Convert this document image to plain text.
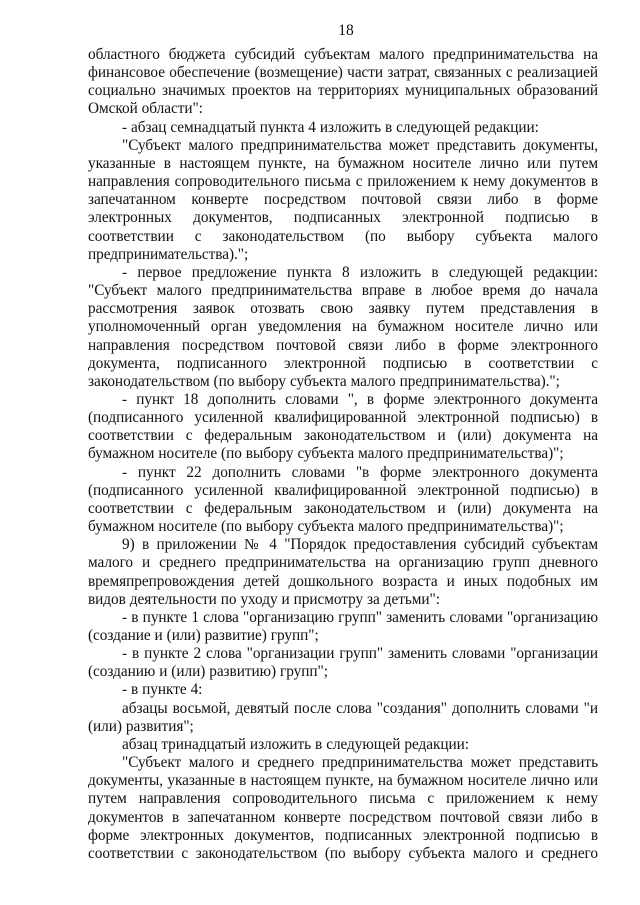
18

областного бюджета субсидий субъектам малого предпринимательства на финансовое обеспечение (возмещение) части затрат, связанных с реализацией социально значимых проектов на территориях муниципальных образований Омской области":

- абзац семнадцатый пункта 4 изложить в следующей редакции:

"Субъект малого предпринимательства может представить документы, указанные в настоящем пункте, на бумажном носителе лично или путем направления сопроводительного письма с приложением к нему документов в запечатанном конверте посредством почтовой связи либо в форме электронных документов, подписанных электронной подписью в соответствии с законодательством (по выбору субъекта малого предпринимательства).";

- первое предложение пункта 8 изложить в следующей редакции: "Субъект малого предпринимательства вправе в любое время до начала рассмотрения заявок отозвать свою заявку путем представления в уполномоченный орган уведомления на бумажном носителе лично или направления посредством почтовой связи либо в форме электронного документа, подписанного электронной подписью в соответствии с законодательством (по выбору субъекта малого предпринимательства).";

- пункт 18 дополнить словами ", в форме электронного документа (подписанного усиленной квалифицированной электронной подписью) в соответствии с федеральным законодательством и (или) документа на бумажном носителе (по выбору субъекта малого предпринимательства)";

- пункт 22 дополнить словами "в форме электронного документа (подписанного усиленной квалифицированной электронной подписью) в соответствии с федеральным законодательством и (или) документа на бумажном носителе (по выбору субъекта малого предпринимательства)";

9) в приложении № 4 "Порядок предоставления субсидий субъектам малого и среднего предпринимательства на организацию групп дневного времяпрепровождения детей дошкольного возраста и иных подобных им видов деятельности по уходу и присмотру за детьми":

- в пункте 1 слова "организацию групп" заменить словами "организацию (создание и (или) развитие) групп";

- в пункте 2 слова "организации групп" заменить словами "организации (созданию и (или) развитию) групп";

- в пункте 4:

абзацы восьмой, девятый после слова "создания" дополнить словами "и (или) развития";

абзац тринадцатый изложить в следующей редакции:

"Субъект малого и среднего предпринимательства может представить документы, указанные в настоящем пункте, на бумажном носителе лично или путем направления сопроводительного письма с приложением к нему документов в запечатанном конверте посредством почтовой связи либо в форме электронных документов, подписанных электронной подписью в соответствии с законодательством (по выбору субъекта малого и среднего
